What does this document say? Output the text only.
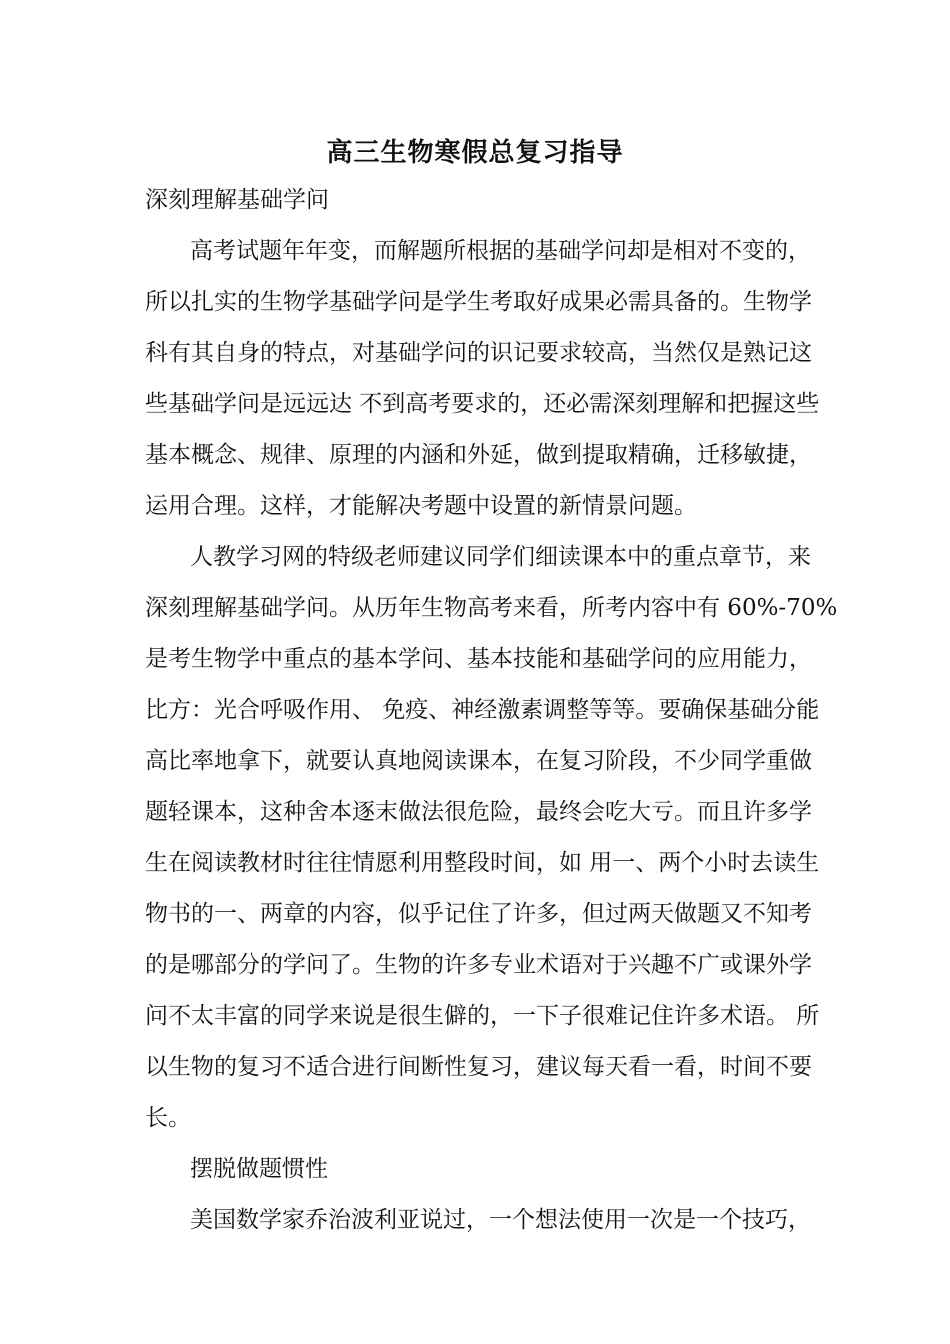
高三生物寒假总复习指导
深刻理解基础学问
高考试题年年变，而解题所根据的基础学问却是相对不变的，
所以扎实的生物学基础学问是学生考取好成果必需具备的。生物学
科有其自身的特点，对基础学问的识记要求较高，当然仅是熟记这
些基础学问是远远达 不到高考要求的，还必需深刻理解和把握这些
基本概念、规律、原理的内涵和外延，做到提取精确，迁移敏捷，
运用合理。这样，才能解决考题中设置的新情景问题。
人教学习网的特级老师建议同学们细读课本中的重点章节，来
深刻理解基础学问。从历年生物高考来看，所考内容中有 60%-70%
是考生物学中重点的基本学问、基本技能和基础学问的应用能力，
比方：光合呼吸作用、 免疫、神经激素调整等等。要确保基础分能
高比率地拿下，就要认真地阅读课本，在复习阶段，不少同学重做
题轻课本，这种舍本逐末做法很危险，最终会吃大亏。而且许多学
生在阅读教材时往往情愿利用整段时间，如 用一、两个小时去读生
物书的一、两章的内容，似乎记住了许多，但过两天做题又不知考
的是哪部分的学问了。生物的许多专业术语对于兴趣不广或课外学
问不太丰富的同学来说是很生僻的，一下子很难记住许多术语。 所
以生物的复习不适合进行间断性复习，建议每天看一看，时间不要
长。
摆脱做题惯性
美国数学家乔治波利亚说过，一个想法使用一次是一个技巧，
